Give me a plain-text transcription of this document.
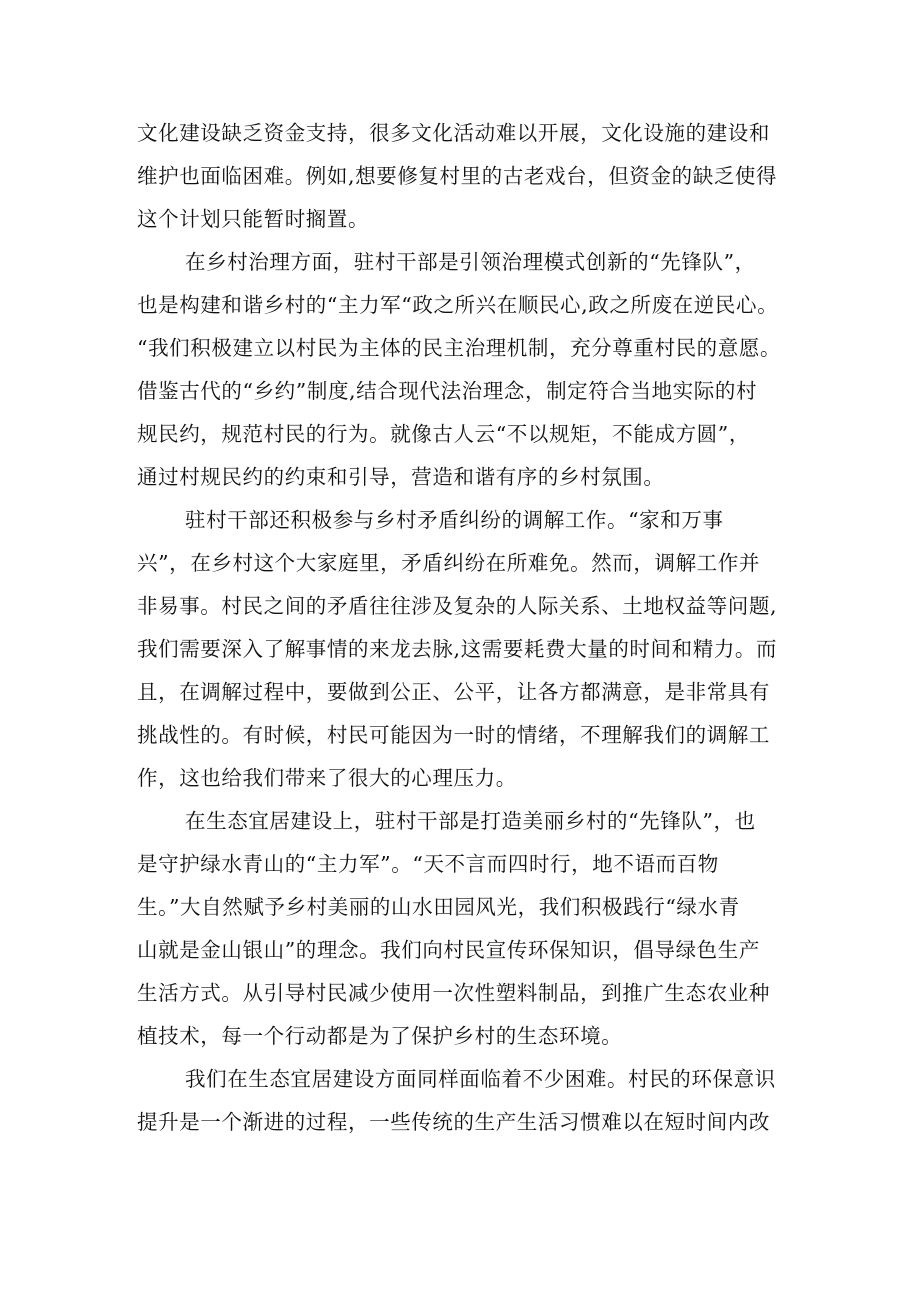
文化建设缺乏资金支持，很多文化活动难以开展，文化设施的建设和
维护也面临困难。例如,想要修复村里的古老戏台，但资金的缺乏使得
这个计划只能暂时搁置。
在乡村治理方面，驻村干部是引领治理模式创新的“先锋队”，
也是构建和谐乡村的“主力军“政之所兴在顺民心,政之所废在逆民心。
“我们积极建立以村民为主体的民主治理机制，充分尊重村民的意愿。
借鉴古代的“乡约”制度,结合现代法治理念，制定符合当地实际的村
规民约，规范村民的行为。就像古人云“不以规矩，不能成方圆”，
通过村规民约的约束和引导，营造和谐有序的乡村氛围。
驻村干部还积极参与乡村矛盾纠纷的调解工作。“家和万事
兴”，在乡村这个大家庭里，矛盾纠纷在所难免。然而，调解工作并
非易事。村民之间的矛盾往往涉及复杂的人际关系、土地权益等问题,
我们需要深入了解事情的来龙去脉,这需要耗费大量的时间和精力。而
且，在调解过程中，要做到公正、公平，让各方都满意，是非常具有
挑战性的。有时候，村民可能因为一时的情绪，不理解我们的调解工
作，这也给我们带来了很大的心理压力。
在生态宜居建设上，驻村干部是打造美丽乡村的“先锋队”，也
是守护绿水青山的“主力军”。“天不言而四时行，地不语而百物
生。”大自然赋予乡村美丽的山水田园风光，我们积极践行“绿水青
山就是金山银山”的理念。我们向村民宣传环保知识，倡导绿色生产
生活方式。从引导村民减少使用一次性塑料制品，到推广生态农业种
植技术，每一个行动都是为了保护乡村的生态环境。
我们在生态宜居建设方面同样面临着不少困难。村民的环保意识
提升是一个渐进的过程，一些传统的生产生活习惯难以在短时间内改
